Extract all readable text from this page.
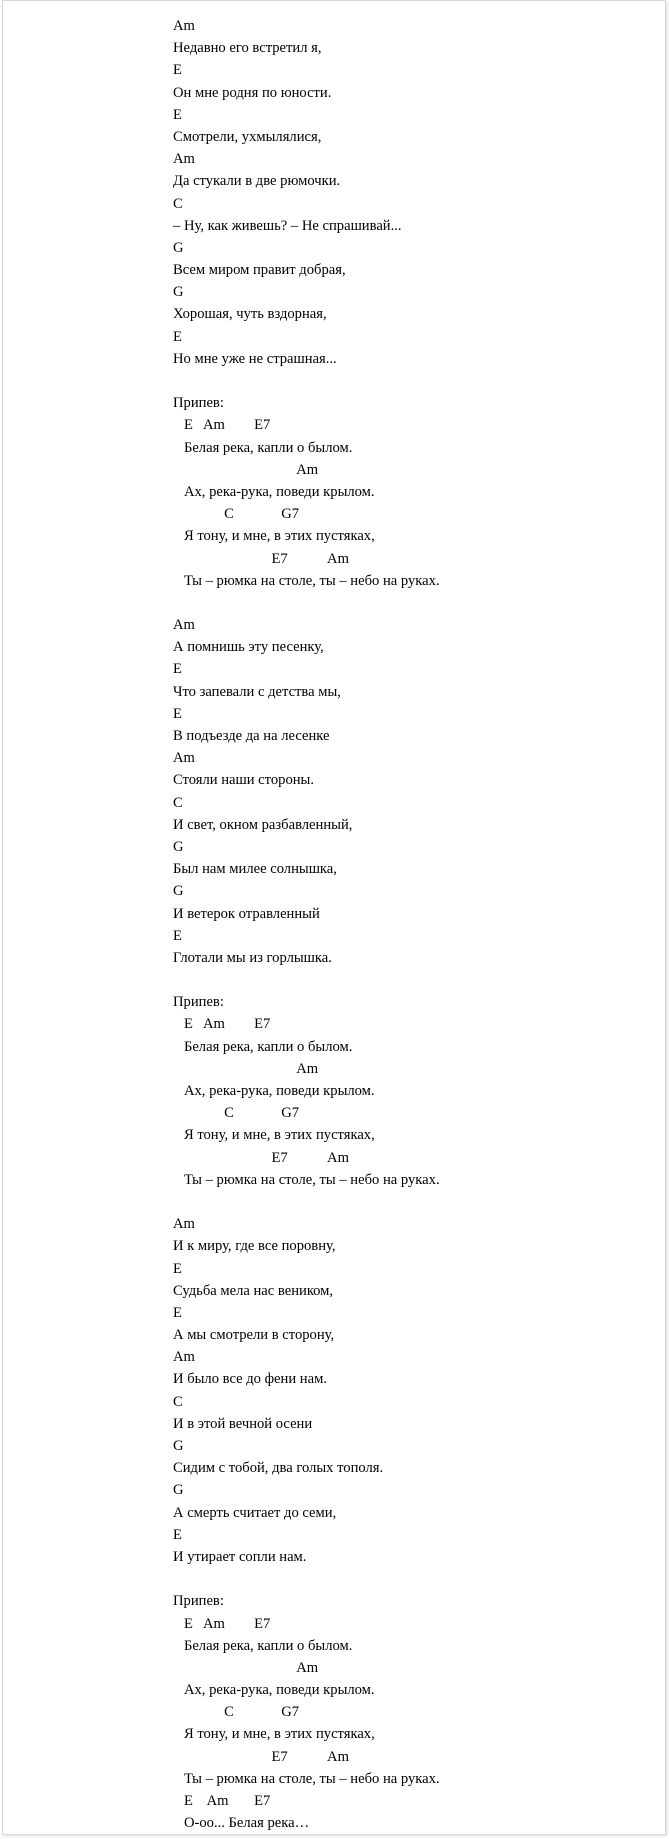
Am
Недавно его встретил я,
E
Он мне родня по юности.
E
Смотрели, ухмылялися,
Am
Да стукали в две рюмочки.
C
– Ну, как живешь? – Не спрашивай...
G
Всем миром правит добрая,
G
Хорошая, чуть вздорная,
E
Но мне уже не страшная...
Припев:
E   Am        E7
Белая река, капли о былом.
Am
Ах, река-рука, поведи крылом.
C             G7
Я тону, и мне, в этих пустяках,
E7           Am
Ты – рюмка на столе, ты – небо на руках.
Am
А помнишь эту песенку,
E
Что запевали с детства мы,
E
В подъезде да на лесенке
Am
Стояли наши стороны.
C
И свет, окном разбавленный,
G
Был нам милее солнышка,
G
И ветерок отравленный
E
Глотали мы из горлышка.
Припев:
E   Am        E7
Белая река, капли о былом.
Am
Ах, река-рука, поведи крылом.
C             G7
Я тону, и мне, в этих пустяках,
E7           Am
Ты – рюмка на столе, ты – небо на руках.
Am
И к миру, где все поровну,
E
Судьба мела нас веником,
E
А мы смотрели в сторону,
Am
И было все до фени нам.
C
И в этой вечной осени
G
Сидим с тобой, два голых тополя.
G
А смерть считает до семи,
E
И утирает сопли нам.
Припев:
E   Am        E7
Белая река, капли о былом.
Am
Ах, река-рука, поведи крылом.
C             G7
Я тону, и мне, в этих пустяках,
E7           Am
Ты – рюмка на столе, ты – небо на руках.
E    Am       E7
О-оо... Белая река…
